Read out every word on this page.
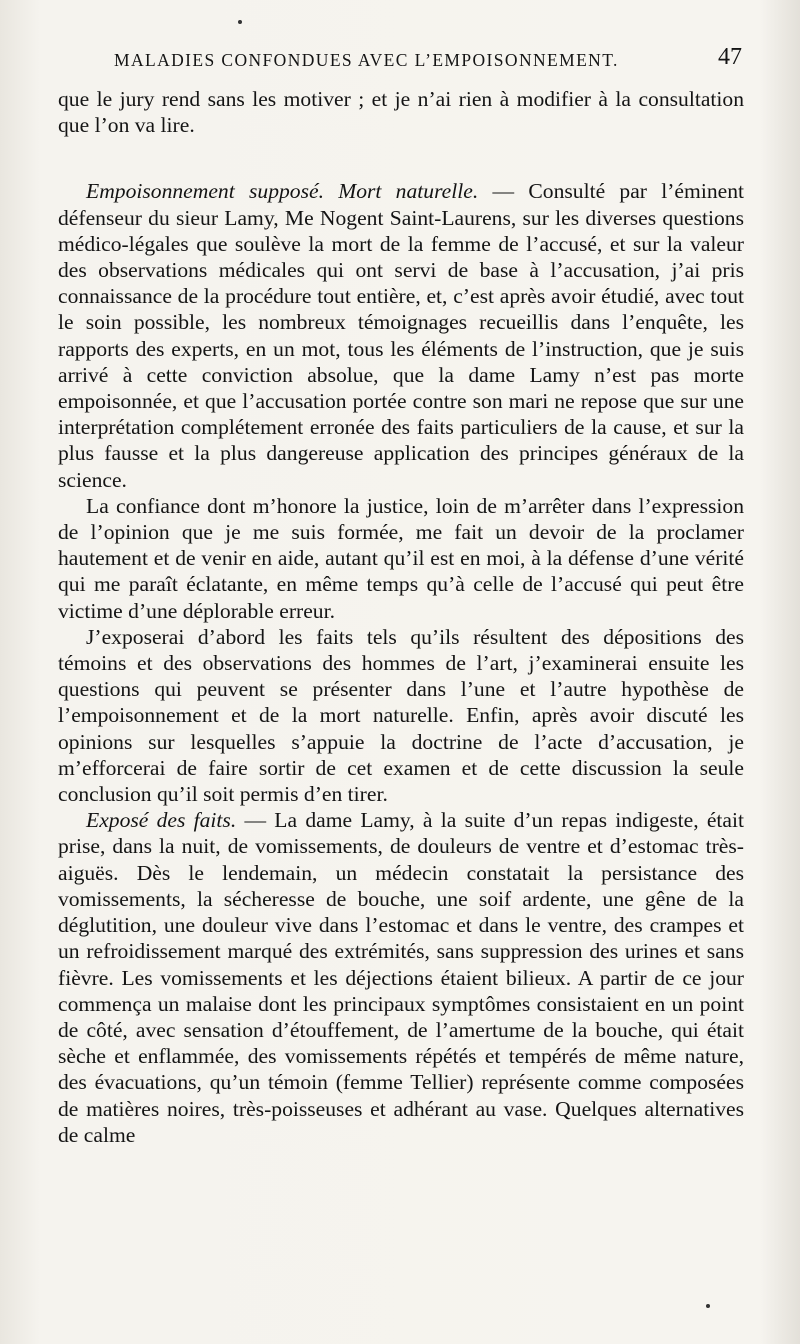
MALADIES CONFONDUES AVEC L’EMPOISONNEMENT.	47

que le jury rend sans les motiver ; et je n’ai rien à modifier à la consultation que l’on va lire.

Empoisonnement supposé. Mort naturelle. — Consulté par l’éminent défenseur du sieur Lamy, Me Nogent Saint-Laurens, sur les diverses questions médico-légales que soulève la mort de la femme de l’accusé, et sur la valeur des observations médicales qui ont servi de base à l’accusation, j’ai pris connaissance de la procédure tout entière, et, c’est après avoir étudié, avec tout le soin possible, les nombreux témoignages recueillis dans l’enquête, les rapports des experts, en un mot, tous les éléments de l’instruction, que je suis arrivé à cette conviction absolue, que la dame Lamy n’est pas morte empoisonnée, et que l’accusation portée contre son mari ne repose que sur une interprétation complétement erronée des faits particuliers de la cause, et sur la plus fausse et la plus dangereuse application des principes généraux de la science.

La confiance dont m’honore la justice, loin de m’arrêter dans l’expression de l’opinion que je me suis formée, me fait un devoir de la proclamer hautement et de venir en aide, autant qu’il est en moi, à la défense d’une vérité qui me paraît éclatante, en même temps qu’à celle de l’accusé qui peut être victime d’une déplorable erreur.

J’exposerai d’abord les faits tels qu’ils résultent des dépositions des témoins et des observations des hommes de l’art, j’examinerai ensuite les questions qui peuvent se présenter dans l’une et l’autre hypothèse de l’empoisonnement et de la mort naturelle. Enfin, après avoir discuté les opinions sur lesquelles s’appuie la doctrine de l’acte d’accusation, je m’efforcerai de faire sortir de cet examen et de cette discussion la seule conclusion qu’il soit permis d’en tirer.

Exposé des faits. — La dame Lamy, à la suite d’un repas indigeste, était prise, dans la nuit, de vomissements, de douleurs de ventre et d’estomac très-aiguës. Dès le lendemain, un médecin constatait la persistance des vomissements, la sécheresse de bouche, une soif ardente, une gêne de la déglutition, une douleur vive dans l’estomac et dans le ventre, des crampes et un refroidissement marqué des extrémités, sans suppression des urines et sans fièvre. Les vomissements et les déjections étaient bilieux. A partir de ce jour commença un malaise dont les principaux symptômes consistaient en un point de côté, avec sensation d’étouffement, de l’amertume de la bouche, qui était sèche et enflammée, des vomissements répétés et tempérés de même nature, des évacuations, qu’un témoin (femme Tellier) représente comme composées de matières noires, très-poisseuses et adhérant au vase. Quelques alternatives de calme
